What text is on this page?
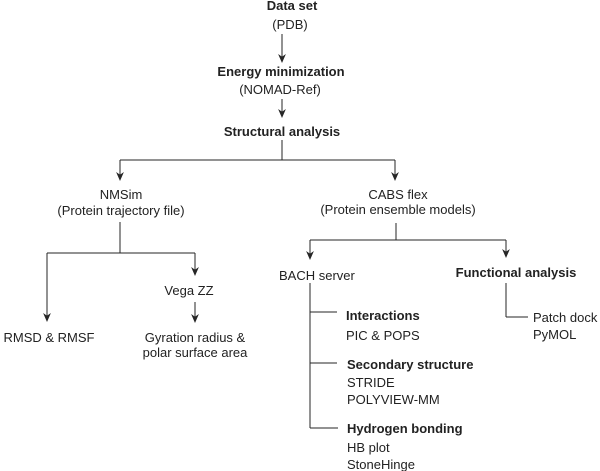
Data set
(PDB)
Energy minimization
(NOMAD-Ref)
Structural analysis
NMSim
(Protein trajectory file)
RMSD & RMSF
Vega ZZ
Gyration radius &
polar surface area
CABS flex
(Protein ensemble models)
BACH server	Functional analysis
Interactions
PIC & POPS
Secondary structure
STRIDE
POLYVIEW-MM
Hydrogen bonding
HB plot
StoneHinge
Patch dock
PyMOL
